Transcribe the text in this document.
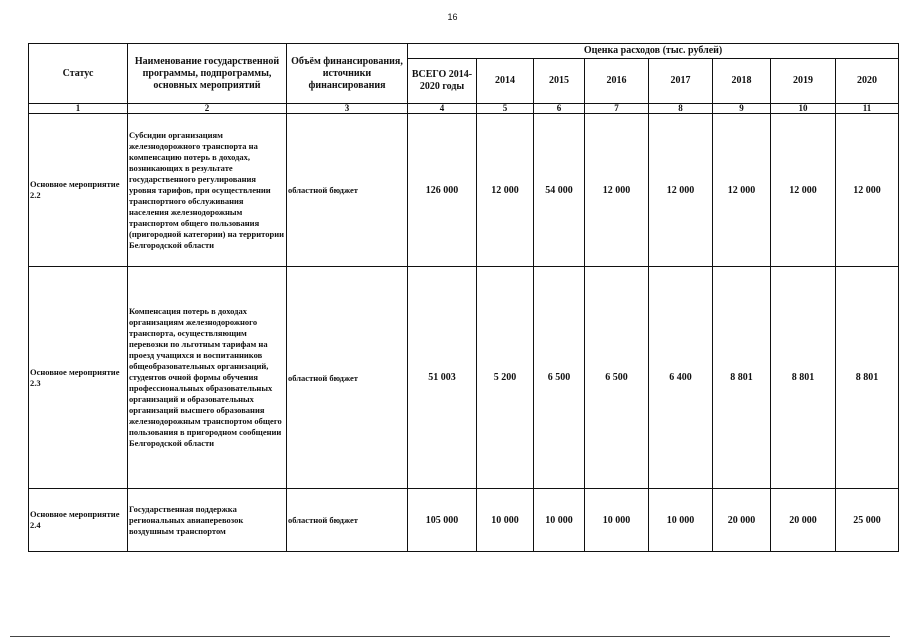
16
Статус	Наименование государственной программы, подпрограммы, основных мероприятий	Объём финансирования, источники финансирования	Оценка расходов (тыс. рублей)							
			ВСЕГО 2014-2020 годы	2014	2015	2016	2017	2018	2019	2020
1	2	3	4	5	6	7	8	9	10	11
Основное мероприятие 2.2	Субсидии организациям железнодорожного транспорта на компенсацию потерь в доходах, возникающих в результате государственного регулирования уровня тарифов, при осуществлении транспортного обслуживания населения железнодорожным транспортом общего пользования (пригородной категории) на территории Белгородской области	областной бюджет	126 000	12 000	54 000	12 000	12 000	12 000	12 000	12 000
Основное мероприятие 2.3	Компенсация потерь в доходах организациям железнодорожного транспорта, осуществляющим перевозки по льготным тарифам на проезд учащихся и воспитанников общеобразовательных организаций, студентов очной формы обучения профессиональных образовательных организаций и образовательных организаций высшего образования железнодорожным транспортом общего пользования в пригородном сообщении Белгородской области	областной бюджет	51 003	5 200	6 500	6 500	6 400	8 801	8 801	8 801
Основное мероприятие 2.4	Государственная поддержка региональных авиаперевозок воздушным транспортом	областной бюджет	105 000	10 000	10 000	10 000	10 000	20 000	20 000	25 000
